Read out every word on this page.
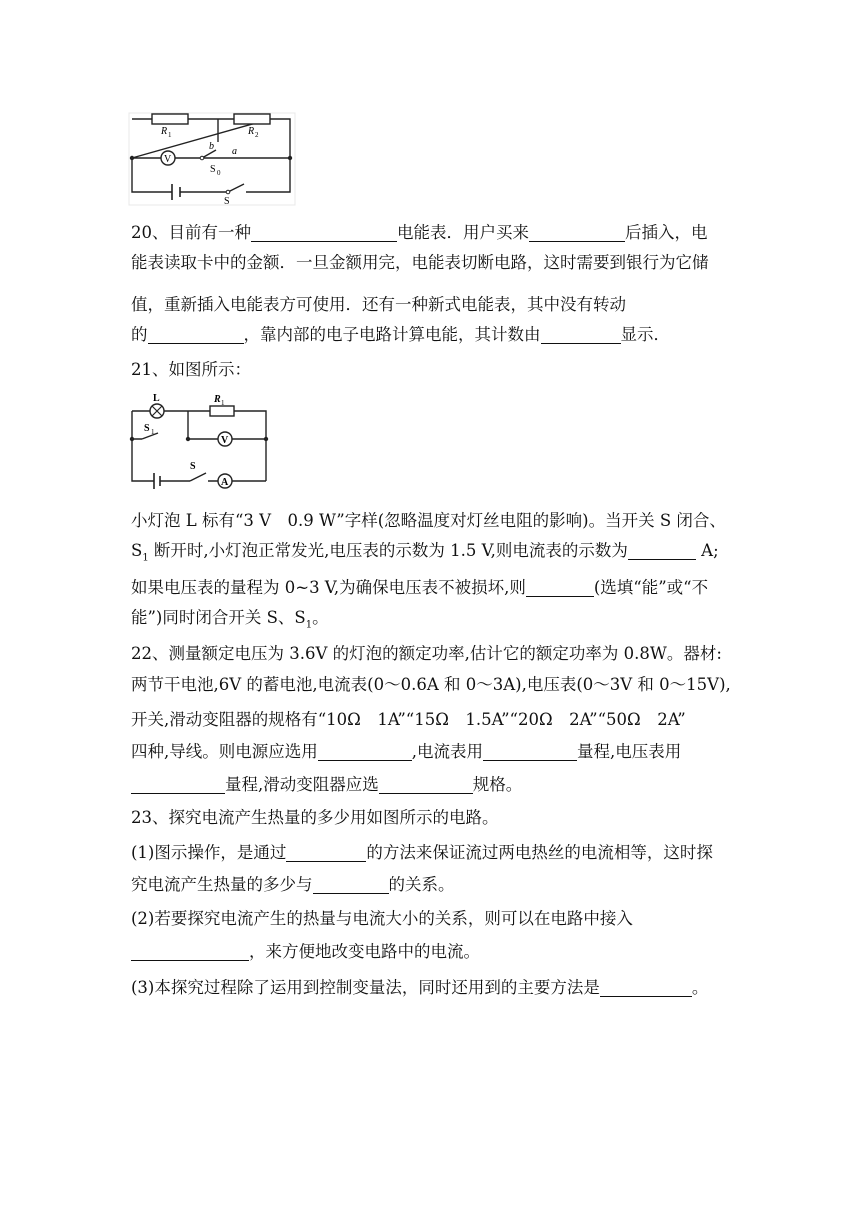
R 1	R 2
V
b a
S 0
S
20、目前有一种	电能表．用户买来	后插入，电
能表读取卡中的金额．一旦金额用完，电能表切断电路，这时需要到银行为它储
值，重新插入电能表方可使用．还有一种新式电能表，其中没有转动
的	，靠内部的电子电路计算电能，其计数由	显示．
21、如图所示：
L	R 1
S 1
V
S
A
小灯泡 L 标有“3 V　0.9 W”字样(忽略温度对灯丝电阻的影响)。当开关 S 闭合、
$S_1$ 断开时,小灯泡正常发光,电压表的示数为 1.5 V,则电流表的示数为	A;
如果电压表的量程为 0~3 V,为确保电压表不被损坏,则	(选填“能”或“不
能”)同时闭合开关 S、$S_1$。
22、测量额定电压为 3.6V 的灯泡的额定功率,估计它的额定功率为 0.8W。器材:
两节干电池,6V 的蓄电池,电流表(0～0.6A 和 0～3A),电压表(0～3V 和 0～15V),
开关,滑动变阻器的规格有“10Ω　1A”“15Ω　1.5A”“20Ω　2A”“50Ω　2A”
四种,导线。则电源应选用	,电流表用	量程,电压表用
量程,滑动变阻器应选	规格。
23、探究电流产生热量的多少用如图所示的电路。
(1)图示操作，是通过	的方法来保证流过两电热丝的电流相等，这时探
究电流产生热量的多少与	的关系。
(2)若要探究电流产生的热量与电流大小的关系，则可以在电路中接入
，来方便地改变电路中的电流。
(3)本探究过程除了运用到控制变量法，同时还用到的主要方法是	。
